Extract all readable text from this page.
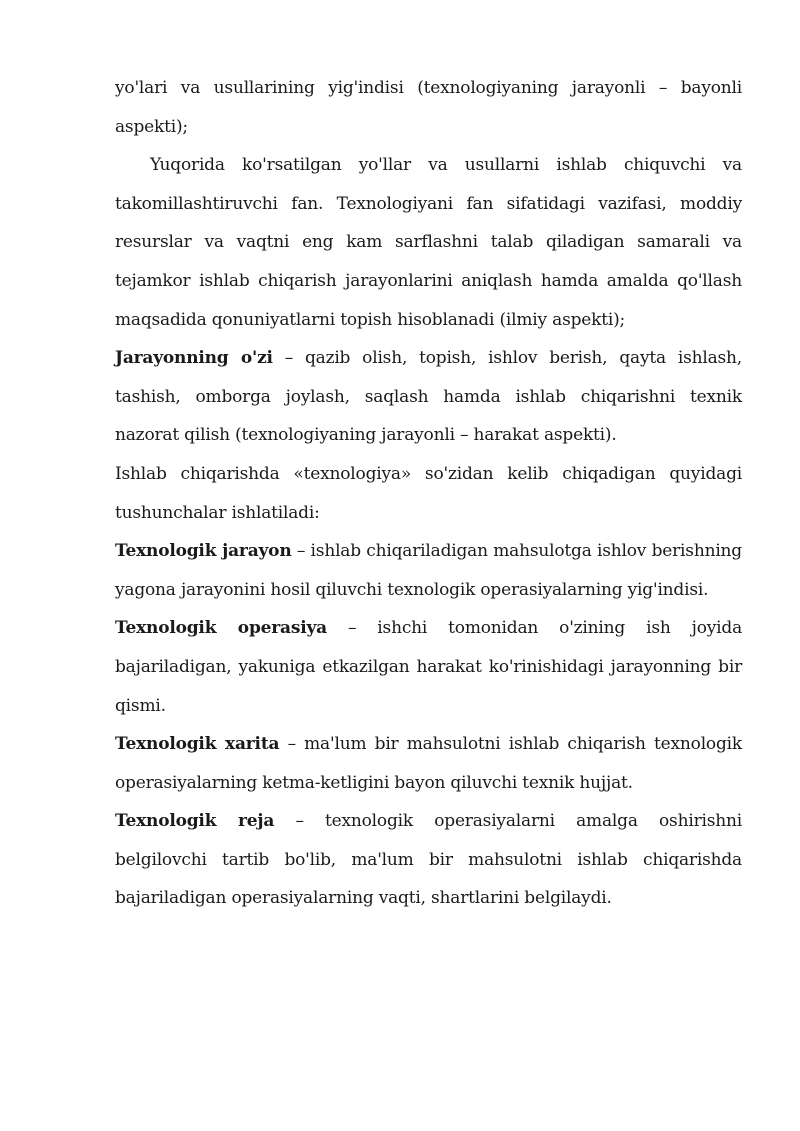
yo'lari va usullarining yig'indisi (texnologiyaning jarayonli – bayonli aspekti);

Yuqorida ko'rsatilgan yo'llar va usullarni ishlab chiquvchi va takomillashtiruvchi fan. Texnologiyani fan sifatidagi vazifasi, moddiy resurslar va vaqtni eng kam sarflashni talab qiladigan samarali va tejamkor ishlab chiqarish jarayonlarini aniqlash hamda amalda qo'llash maqsadida qonuniyatlarni topish hisoblanadi (ilmiy aspekti);

Jarayonning o'zi – qazib olish, topish, ishlov berish, qayta ishlash, tashish, omborga joylash, saqlash hamda ishlab chiqarishni texnik nazorat qilish (texnologiyaning jarayonli – harakat aspekti).

Ishlab chiqarishda «texnologiya» so'zidan kelib chiqadigan quyidagi tushunchalar ishlatiladi:

Texnologik jarayon – ishlab chiqariladigan mahsulotga ishlov berishning yagona jarayonini hosil qiluvchi texnologik operasiyalarning yig'indisi.

Texnologik operasiya – ishchi tomonidan o'zining ish joyida bajariladigan, yakuniga etkazilgan harakat ko'rinishidagi jarayonning bir qismi.

Texnologik xarita – ma'lum bir mahsulotni ishlab chiqarish texnologik operasiyalarning ketma-ketligini bayon qiluvchi texnik hujjat.

Texnologik reja – texnologik operasiyalarni amalga oshirishni belgilovchi tartib bo'lib, ma'lum bir mahsulotni ishlab chiqarishda bajariladigan operasiyalarning vaqti, shartlarini belgilaydi.
